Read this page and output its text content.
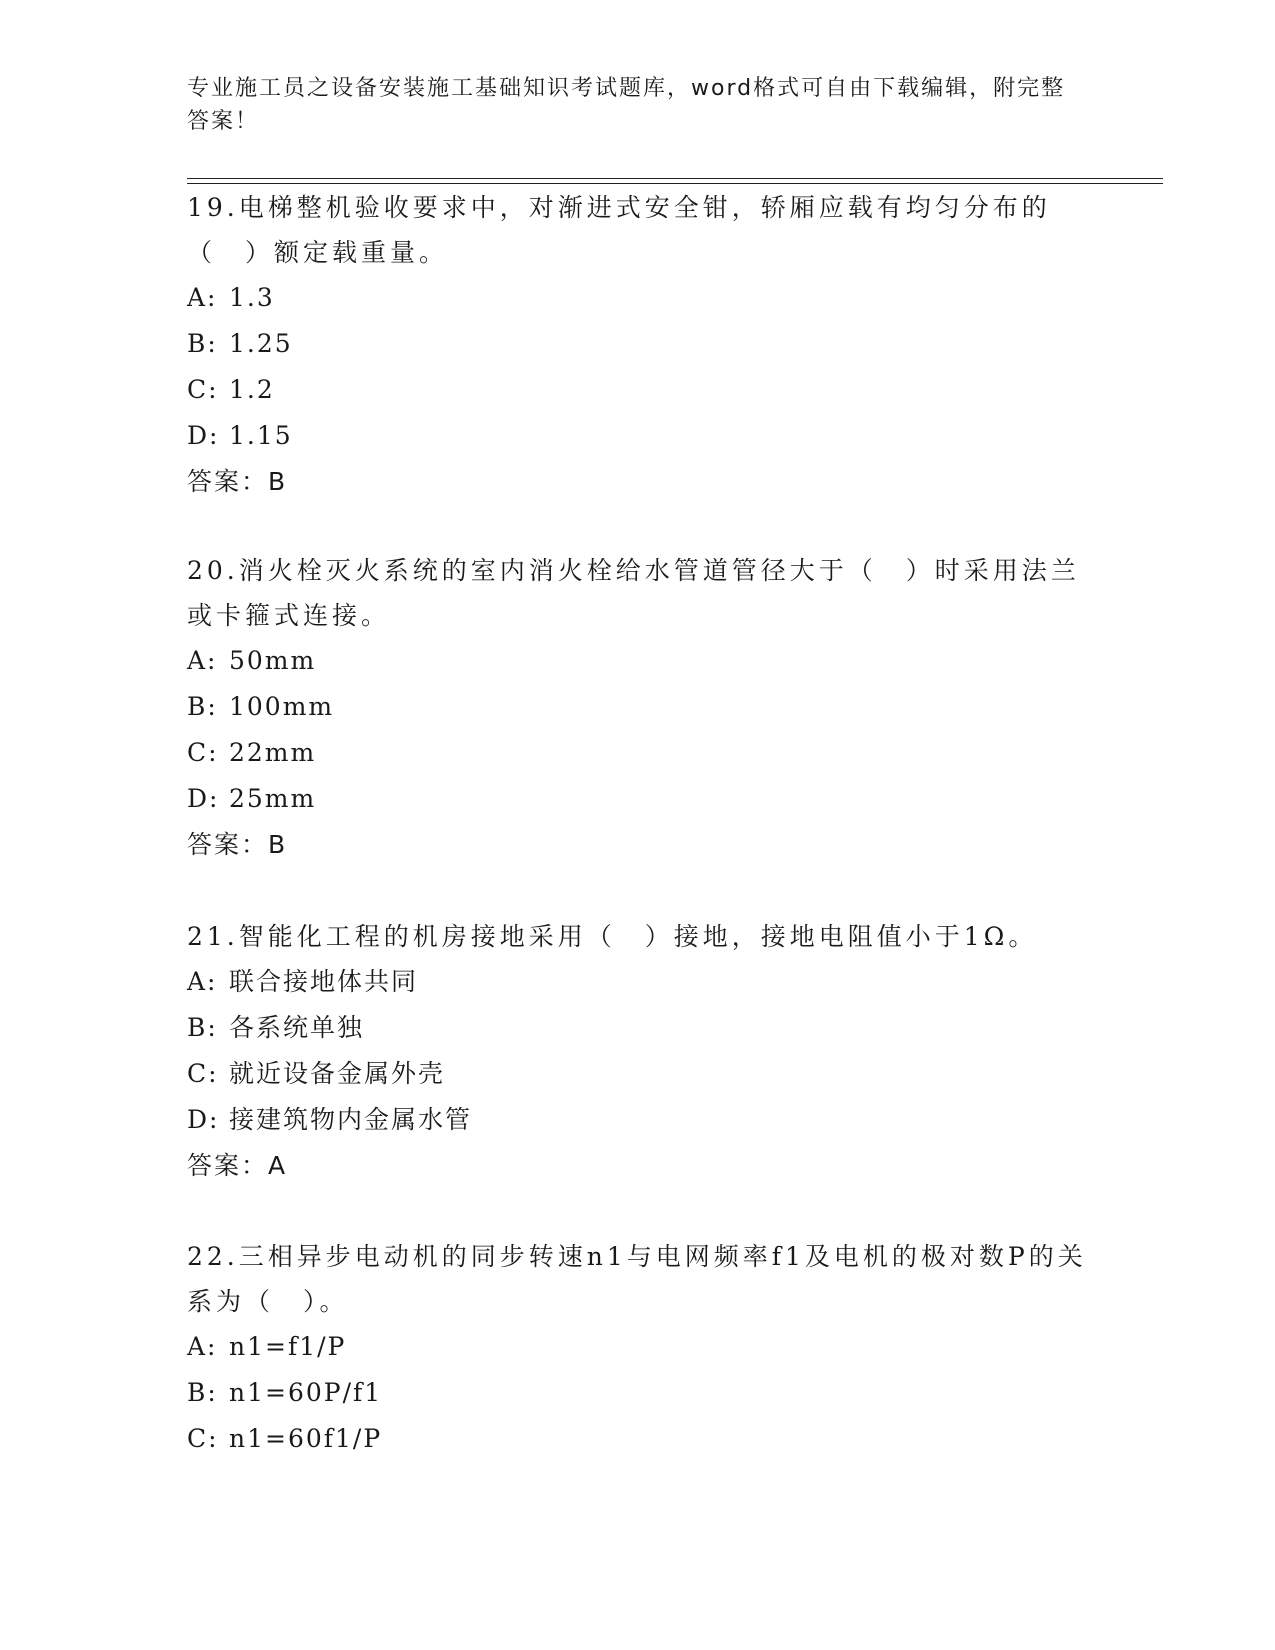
专业施工员之设备安装施工基础知识考试题库，word格式可自由下载编辑，附完整答案！

19.电梯整机验收要求中，对渐进式安全钳，轿厢应载有均匀分布的（　）额定载重量。

A: 1.3
B: 1.25
C: 1.2
D: 1.15
答案：B

20.消火栓灭火系统的室内消火栓给水管道管径大于（　）时采用法兰或卡箍式连接。

A: 50mm
B: 100mm
C: 22mm
D: 25mm
答案：B

21.智能化工程的机房接地采用（　）接地，接地电阻值小于1Ω。

A: 联合接地体共同
B: 各系统单独
C: 就近设备金属外壳
D: 接建筑物内金属水管
答案：A

22.三相异步电动机的同步转速n1与电网频率f1及电机的极对数P的关系为（　）。

A: n1=f1/P
B: n1=60P/f1
C: n1=60f1/P
